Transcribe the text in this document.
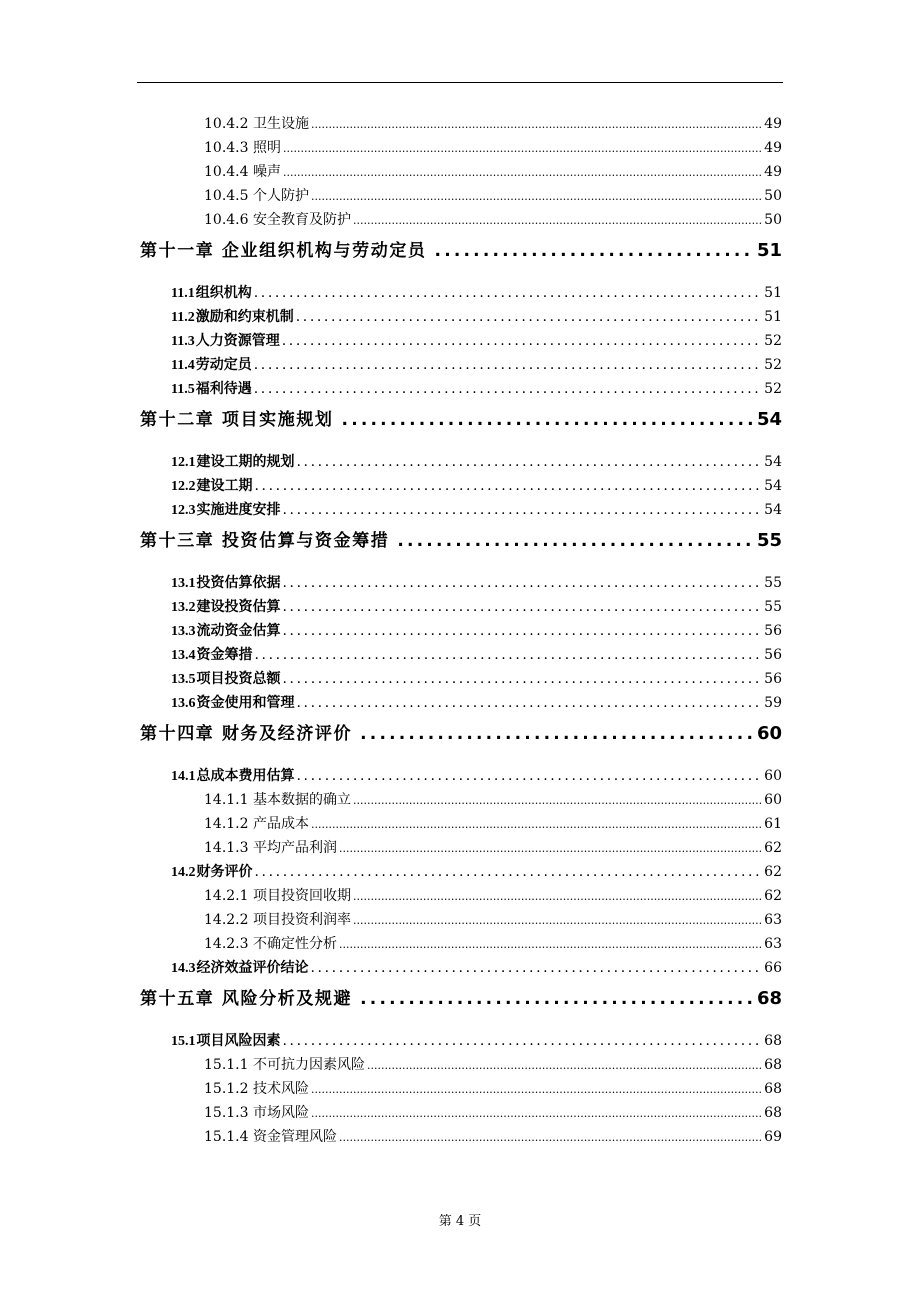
10.4.2 卫生设施 .....	49
10.4.3 照明 .....	49
10.4.4 噪声 .....	49
10.4.5 个人防护 .....	50
10.4.6 安全教育及防护 .....	50
第十一章 企业组织机构与劳动定员 .....	51
11.1组织机构 .....	51
11.2激励和约束机制 .....	51
11.3人力资源管理 .....	52
11.4劳动定员 .....	52
11.5福利待遇 .....	52
第十二章 项目实施规划 .....	54
12.1建设工期的规划 .....	54
12.2建设工期 .....	54
12.3实施进度安排 .....	54
第十三章 投资估算与资金筹措 .....	55
13.1投资估算依据 .....	55
13.2建设投资估算 .....	55
13.3流动资金估算 .....	56
13.4资金筹措 .....	56
13.5项目投资总额 .....	56
13.6资金使用和管理 .....	59
第十四章 财务及经济评价 .....	60
14.1总成本费用估算 .....	60
14.1.1 基本数据的确立 .....	60
14.1.2 产品成本 .....	61
14.1.3 平均产品利润 .....	62
14.2财务评价 .....	62
14.2.1 项目投资回收期 .....	62
14.2.2 项目投资利润率 .....	63
14.2.3 不确定性分析 .....	63
14.3经济效益评价结论 .....	66
第十五章 风险分析及规避 .....	68
15.1项目风险因素 .....	68
15.1.1 不可抗力因素风险 .....	68
15.1.2 技术风险 .....	68
15.1.3 市场风险 .....	68
15.1.4 资金管理风险 .....	69
第 4 页
